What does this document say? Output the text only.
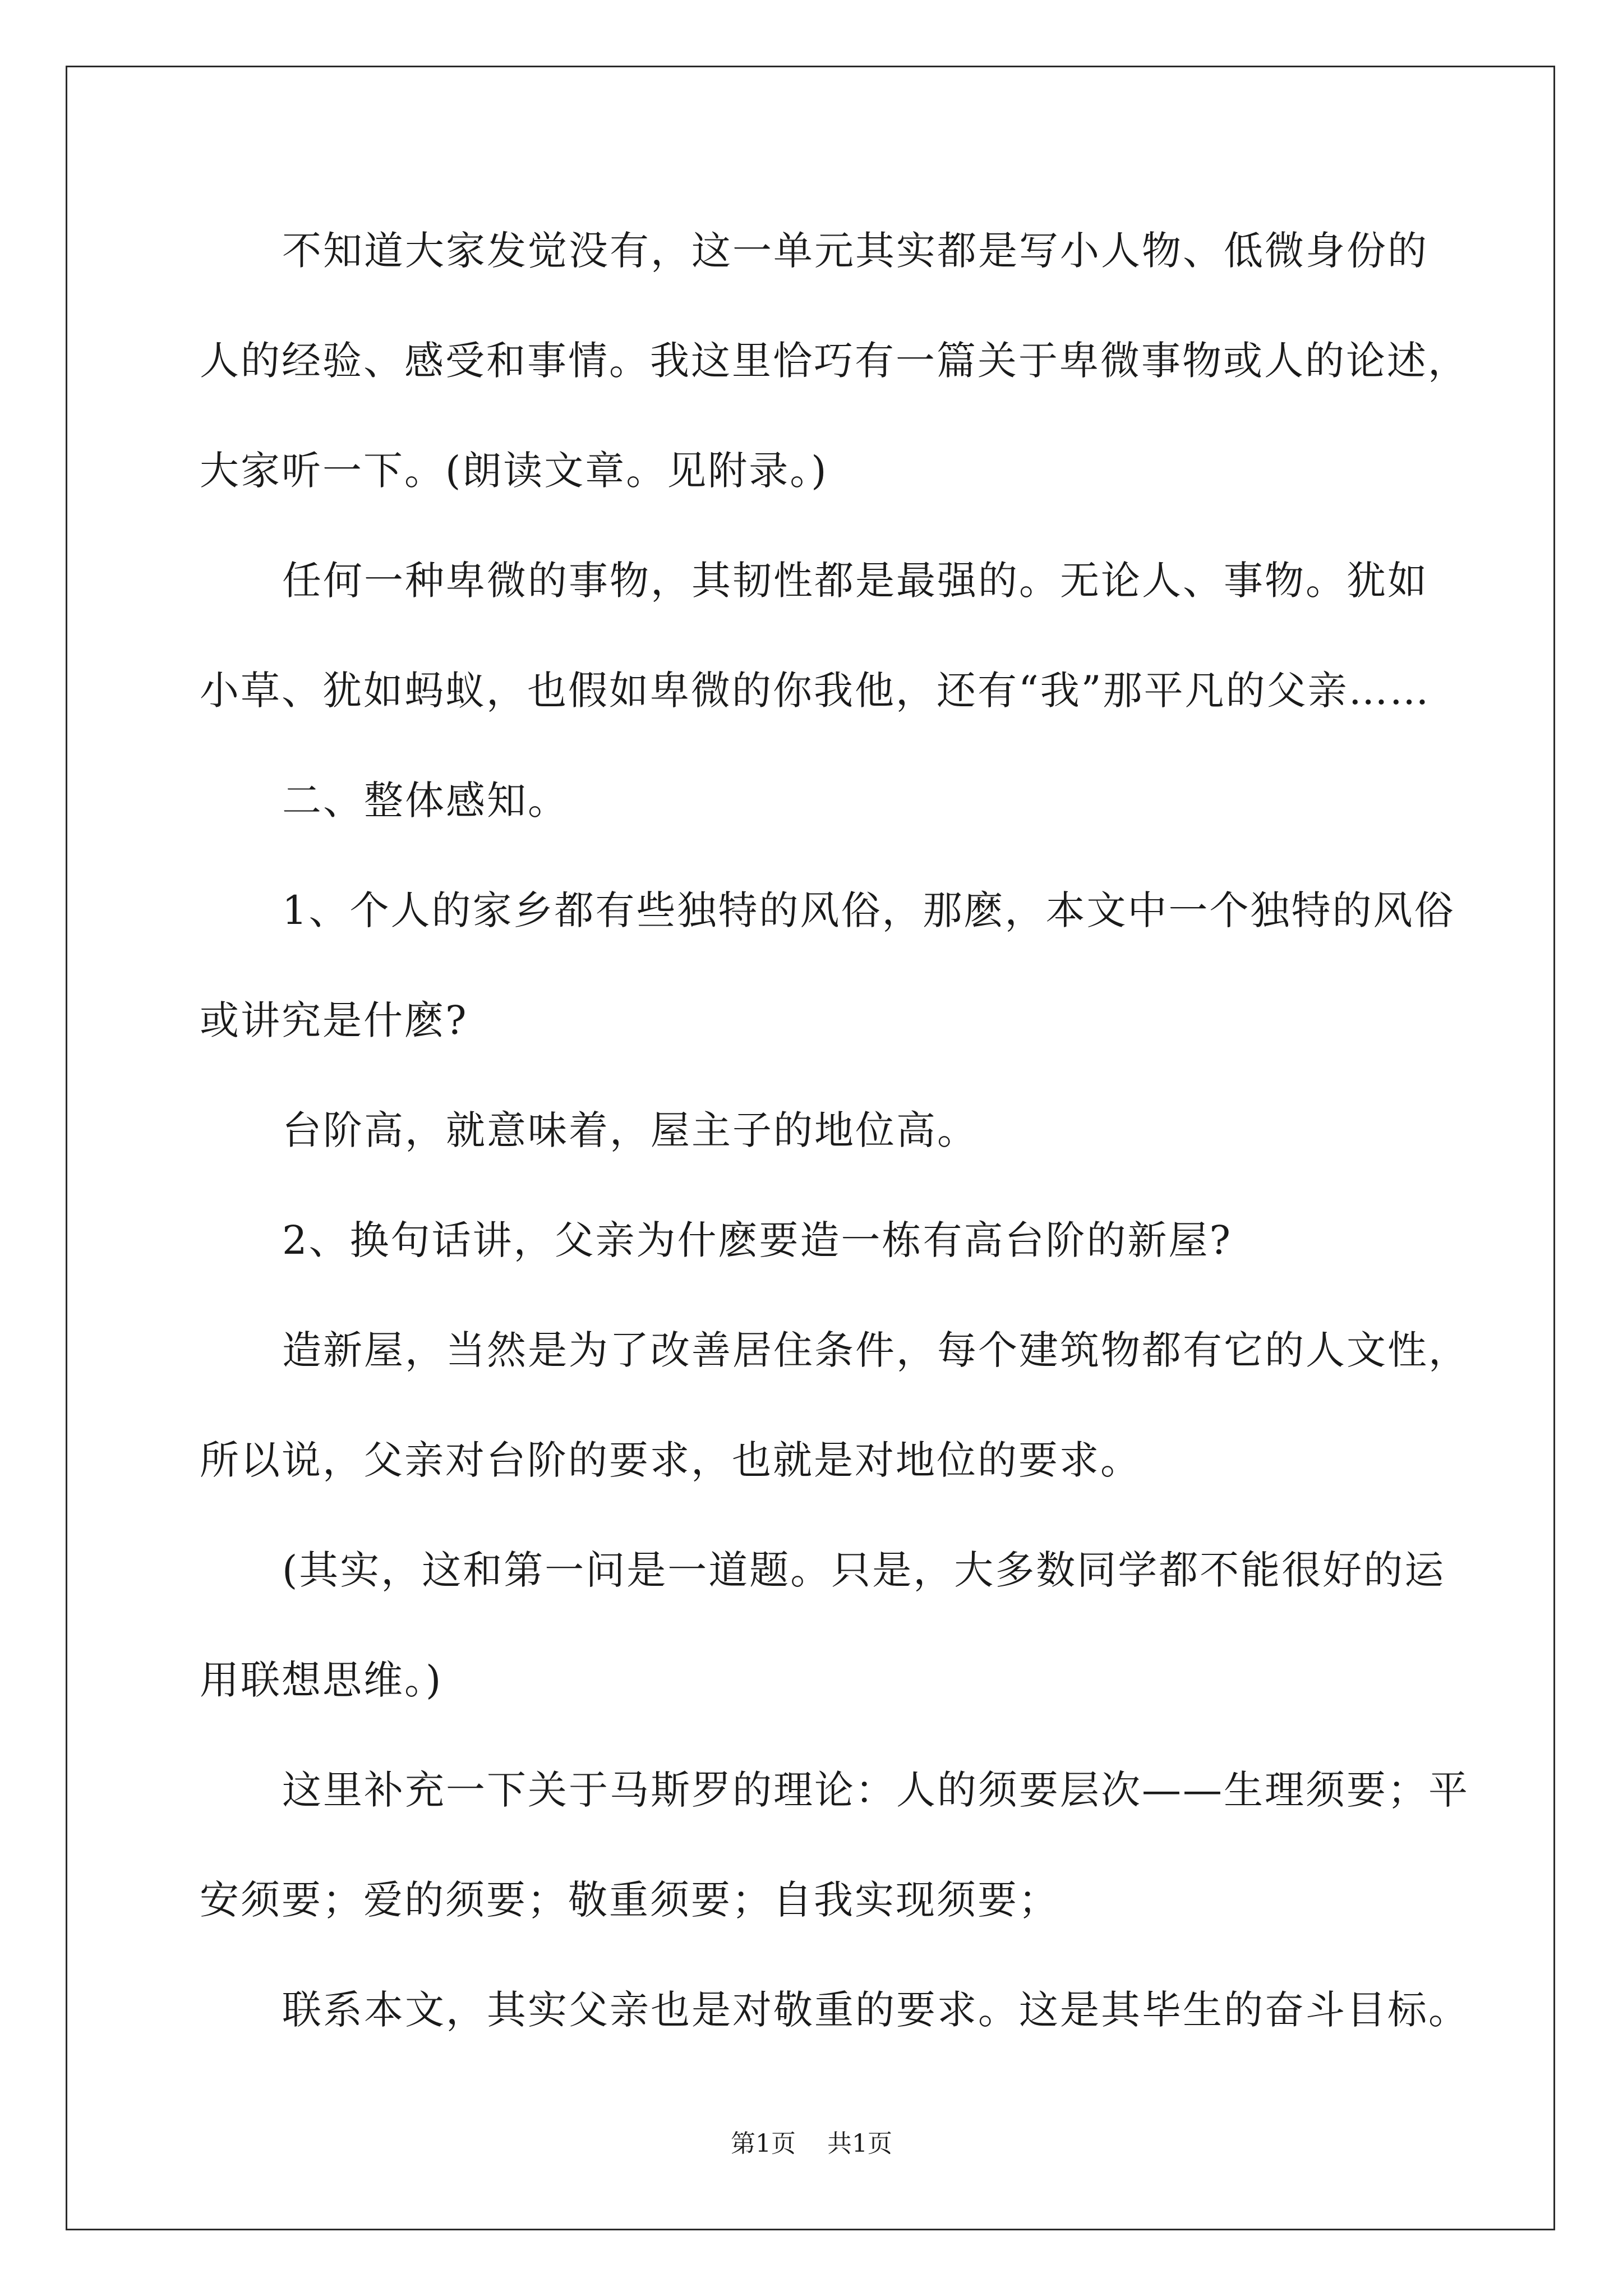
不知道大家发觉没有，这一单元其实都是写小人物、低微身份的
人的经验、感受和事情。我这里恰巧有一篇关于卑微事物或人的论述，
大家听一下。(朗读文章。见附录。)
任何一种卑微的事物，其韧性都是最强的。无论人、事物。犹如
小草、犹如蚂蚁，也假如卑微的你我他，还有“我”那平凡的父亲……
二、整体感知。
1、个人的家乡都有些独特的风俗，那麽，本文中一个独特的风俗
或讲究是什麽?
台阶高，就意味着，屋主子的地位高。
2、换句话讲，父亲为什麽要造一栋有高台阶的新屋?
造新屋，当然是为了改善居住条件，每个建筑物都有它的人文性，
所以说，父亲对台阶的要求，也就是对地位的要求。
(其实，这和第一问是一道题。只是，大多数同学都不能很好的运
用联想思维。)
这里补充一下关于马斯罗的理论：人的须要层次——生理须要；平
安须要；爱的须要；敬重须要；自我实现须要；
联系本文，其实父亲也是对敬重的要求。这是其毕生的奋斗目标。
第1页 共1页
